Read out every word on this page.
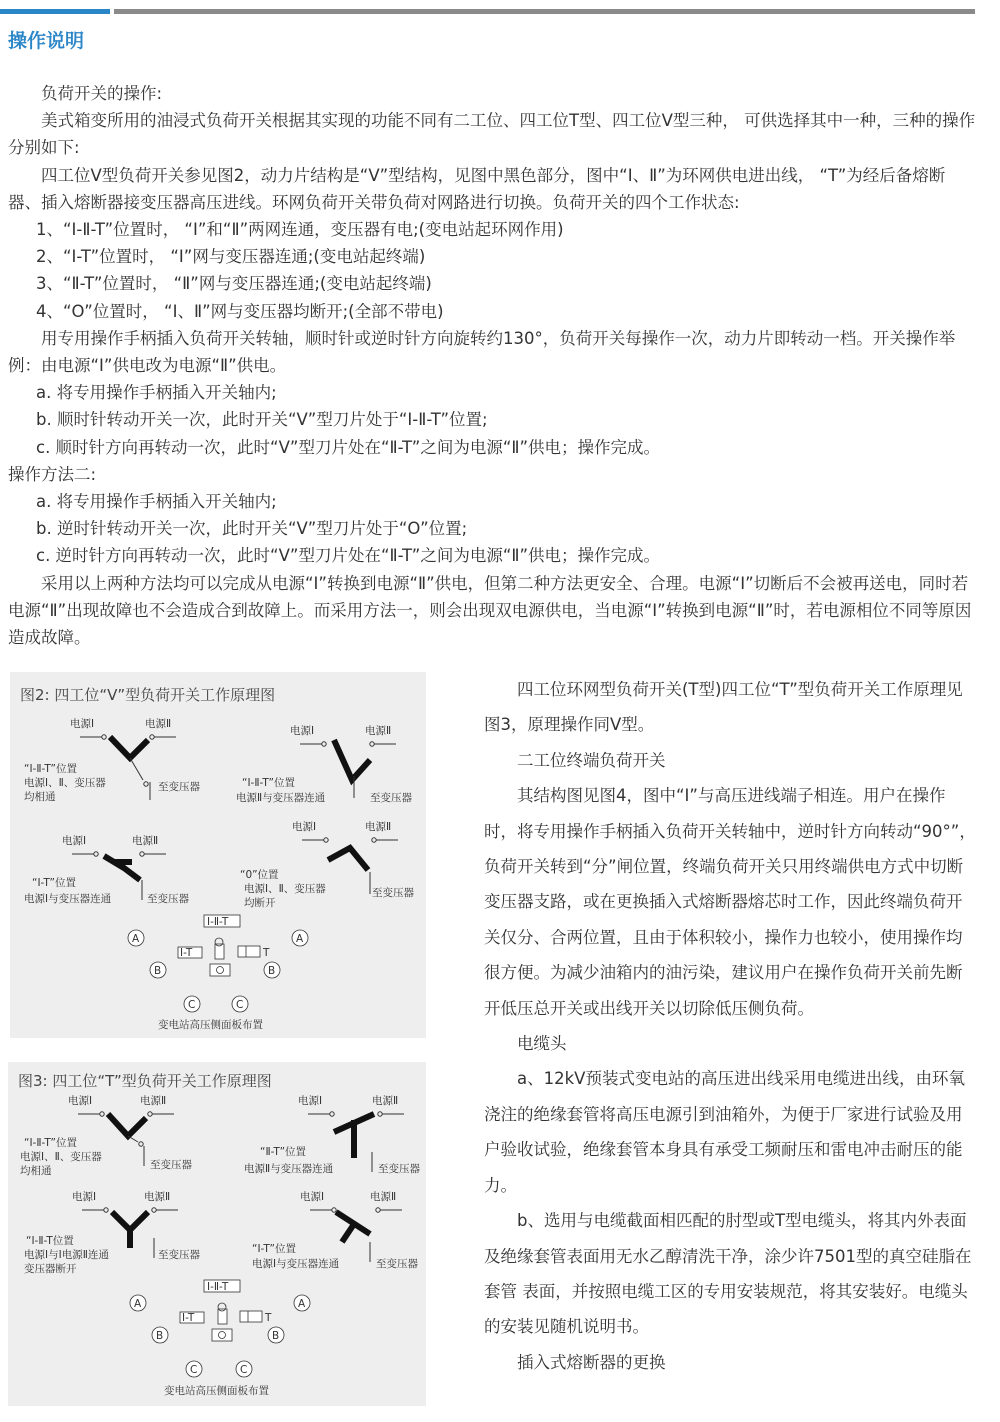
操作说明

负荷开关的操作:

美式箱变所用的油浸式负荷开关根据其实现的功能不同有二工位、四工位T型、四工位V型三种， 可供选择其中一种，三种的操作分别如下:

四工位V型负荷开关参见图2，动力片结构是“V”型结构，见图中黑色部分，图中“Ⅰ、Ⅱ”为环网供电进出线， “T”为经后备熔断器、插入熔断器接变压器高压进线。环网负荷开关带负荷对网路进行切换。负荷开关的四个工作状态:

1、“Ⅰ-Ⅱ-T”位置时， “Ⅰ”和“Ⅱ”两网连通，变压器有电;(变电站起环网作用)

2、“Ⅰ-T”位置时， “Ⅰ”网与变压器连通;(变电站起终端)

3、“Ⅱ-T”位置时， “Ⅱ”网与变压器连通;(变电站起终端)

4、“O”位置时， “Ⅰ、Ⅱ”网与变压器均断开;(全部不带电)

用专用操作手柄插入负荷开关转轴，顺时针或逆时针方向旋转约130°，负荷开关每操作一次，动力片即转动一档。开关操作举例：由电源“Ⅰ”供电改为电源“Ⅱ”供电。

a. 将专用操作手柄插入开关轴内;

b. 顺时针转动开关一次，此时开关“V”型刀片处于“Ⅰ-Ⅱ-T”位置;

c. 顺时针方向再转动一次，此时“V”型刀片处在“Ⅱ-T”之间为电源“Ⅱ”供电；操作完成。

操作方法二:

a. 将专用操作手柄插入开关轴内;

b. 逆时针转动开关一次，此时开关“V”型刀片处于“O”位置;

c. 逆时针方向再转动一次，此时“V”型刀片处在“Ⅱ-T”之间为电源“Ⅱ”供电；操作完成。

采用以上两种方法均可以完成从电源“Ⅰ”转换到电源“Ⅱ”供电，但第二种方法更安全、合理。电源“Ⅰ”切断后不会被再送电，同时若电源“Ⅱ”出现故障也不会造成合到故障上。而采用方法一，则会出现双电源供电，当电源“Ⅰ”转换到电源“Ⅱ”时，若电源相位不同等原因造成故障。

图2: 四工位“V”型负荷开关工作原理图
电源Ⅰ	电源Ⅱ
“Ⅰ-Ⅱ-T”位置
电源Ⅰ、Ⅱ、变压器
均相通
至变压器
电源Ⅰ	电源Ⅱ
“Ⅰ-Ⅱ-T”位置
电源Ⅱ与变压器连通	至变压器
电源Ⅰ	电源Ⅱ
“Ⅰ-T”位置
电源Ⅰ与变压器连通	至变压器
电源Ⅰ	电源Ⅱ
“0”位置
电源Ⅰ、Ⅱ、变压器
均断开
至变压器
Ⅰ-Ⅱ-T
A	A
Ⅰ-T	T
B	B
C	C
变电站高压侧面板布置
图3: 四工位“T”型负荷开关工作原理图
电源Ⅰ	电源Ⅱ
“Ⅰ-Ⅱ-T”位置
电源Ⅰ、Ⅱ、变压器
均相通	至变压器
电源Ⅰ	电源Ⅱ
“Ⅱ-T”位置
电源Ⅱ与变压器连通	至变压器
电源Ⅰ	电源Ⅱ
“Ⅰ-Ⅱ-T位置
电源Ⅰ与Ⅰ电源Ⅱ连通
变压器断开
至变压器
电源Ⅰ	电源Ⅱ
“Ⅰ-T”位置
电源Ⅰ与变压器连通	至变压器
Ⅰ-Ⅱ-T
A	A
Ⅰ-T	T
B	B
C	C
变电站高压侧面板布置

四工位环网型负荷开关(T型)四工位“T”型负荷开关工作原理见图3，原理操作同V型。

二工位终端负荷开关

其结构图见图4，图中“I”与高压进线端子相连。用户在操作时，将专用操作手柄插入负荷开关转轴中，逆时针方向转动“90°”，负荷开关转到“分”闸位置，终端负荷开关只用终端供电方式中切断变压器支路，或在更换插入式熔断器熔芯时工作，因此终端负荷开关仅分、合两位置，且由于体积较小，操作力也较小，使用操作均很方便。为减少油箱内的油污染，建议用户在操作负荷开关前先断开低压总开关或出线开关以切除低压侧负荷。

电缆头

a、12kV预装式变电站的高压进出线采用电缆进出线，由环氧浇注的绝缘套管将高压电源引到油箱外，为便于厂家进行试验及用户验收试验，绝缘套管本身具有承受工频耐压和雷电冲击耐压的能力。

b、选用与电缆截面相匹配的肘型或T型电缆头，将其内外表面及绝缘套管表面用无水乙醇清洗干净，涂少许7501型的真空硅脂在套管 表面，并按照电缆工区的专用安装规范，将其安装好。电缆头的安装见随机说明书。

插入式熔断器的更换
